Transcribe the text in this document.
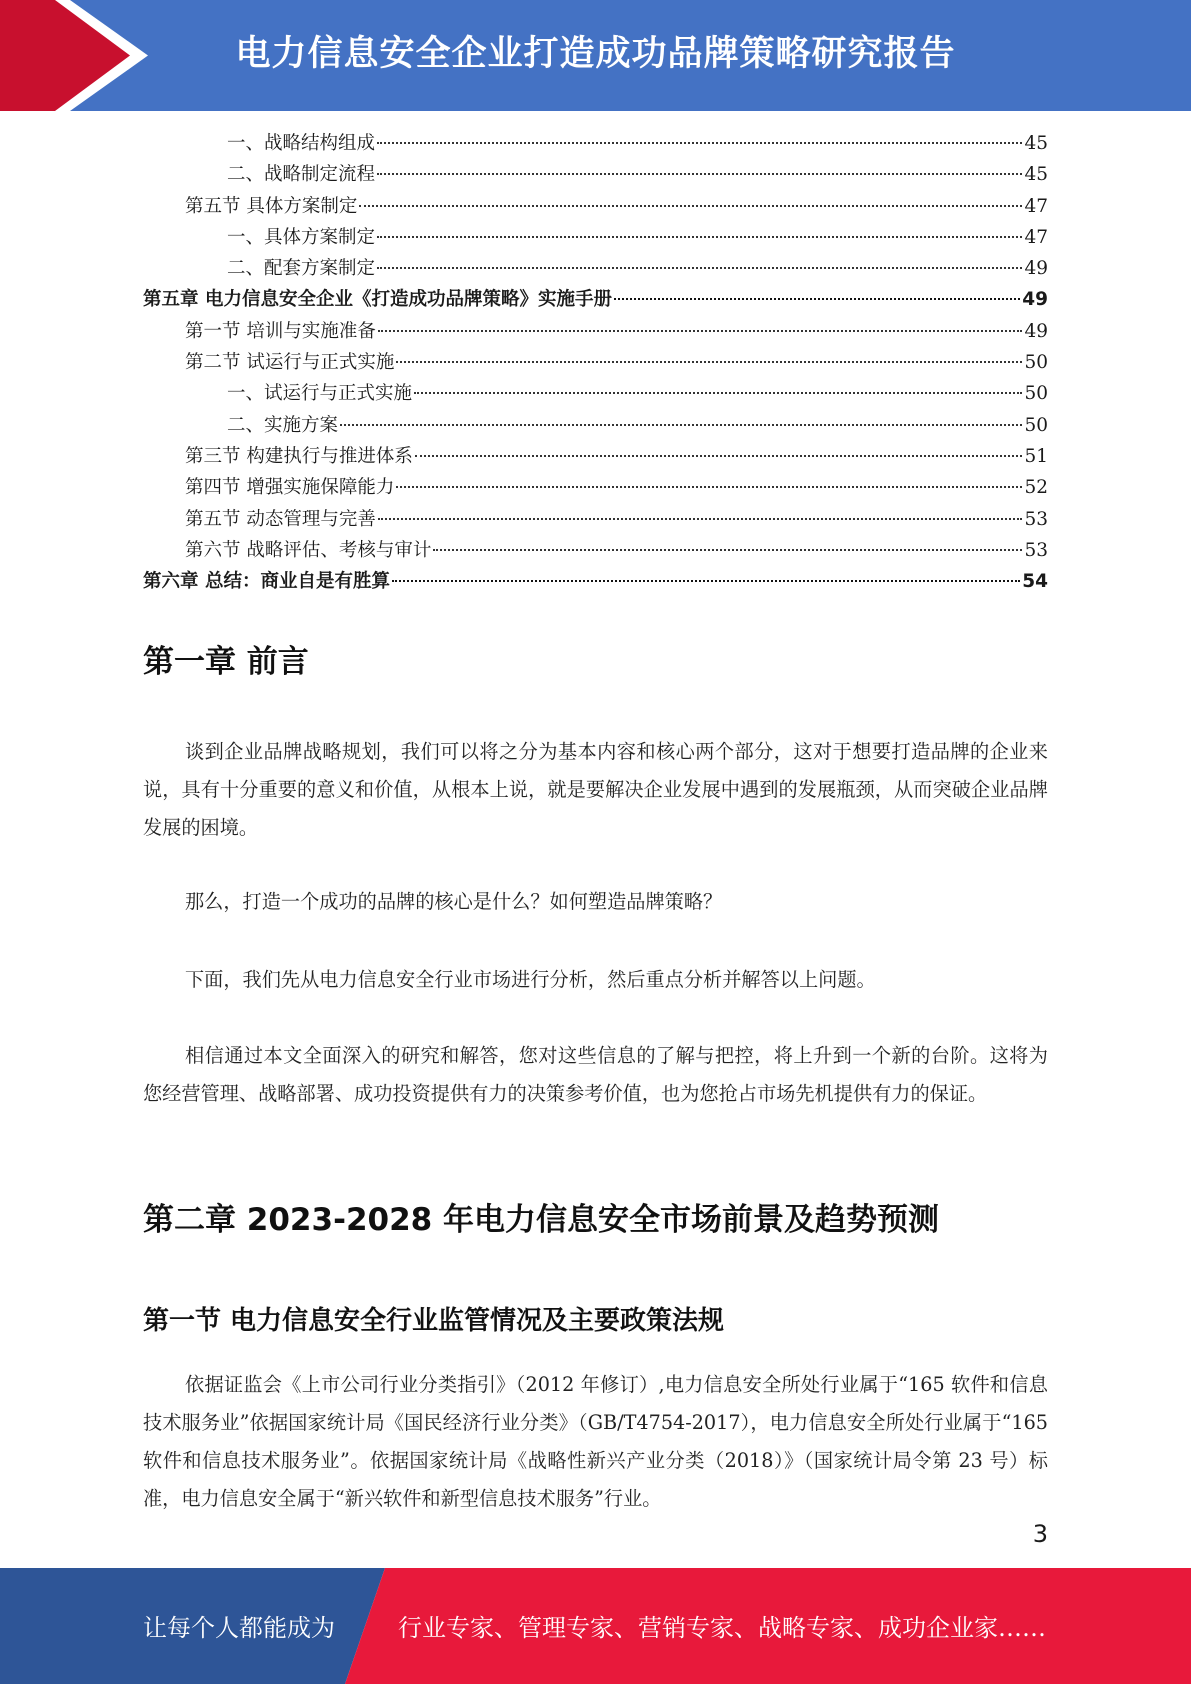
电力信息安全企业打造成功品牌策略研究报告
一、战略结构组成	45
二、战略制定流程	45
第五节 具体方案制定	47
一、具体方案制定	47
二、配套方案制定	49
第五章 电力信息安全企业《打造成功品牌策略》实施手册	49
第一节 培训与实施准备	49
第二节 试运行与正式实施	50
一、试运行与正式实施	50
二、实施方案	50
第三节 构建执行与推进体系	51
第四节 增强实施保障能力	52
第五节 动态管理与完善	53
第六节 战略评估、考核与审计	53
第六章 总结：商业自是有胜算	54
第一章 前言

谈到企业品牌战略规划，我们可以将之分为基本内容和核心两个部分，这对于想要打造品牌的企业来说，具有十分重要的意义和价值，从根本上说，就是要解决企业发展中遇到的发展瓶颈，从而突破企业品牌发展的困境。

那么，打造一个成功的品牌的核心是什么？如何塑造品牌策略？

下面，我们先从电力信息安全行业市场进行分析，然后重点分析并解答以上问题。

相信通过本文全面深入的研究和解答，您对这些信息的了解与把控，将上升到一个新的台阶。这将为您经营管理、战略部署、成功投资提供有力的决策参考价值，也为您抢占市场先机提供有力的保证。

第二章 2023-2028 年电力信息安全市场前景及趋势预测
第一节 电力信息安全行业监管情况及主要政策法规

依据证监会《上市公司行业分类指引》（2012 年修订）,电力信息安全所处行业属于“165 软件和信息技术服务业”依据国家统计局《国民经济行业分类》（GB/T4754-2017），电力信息安全所处行业属于“165 软件和信息技术服务业”。依据国家统计局《战略性新兴产业分类（2018）》（国家统计局令第 23 号）标准，电力信息安全属于“新兴软件和新型信息技术服务”行业。

3
让每个人都能成为	行业专家、管理专家、营销专家、战略专家、成功企业家……
